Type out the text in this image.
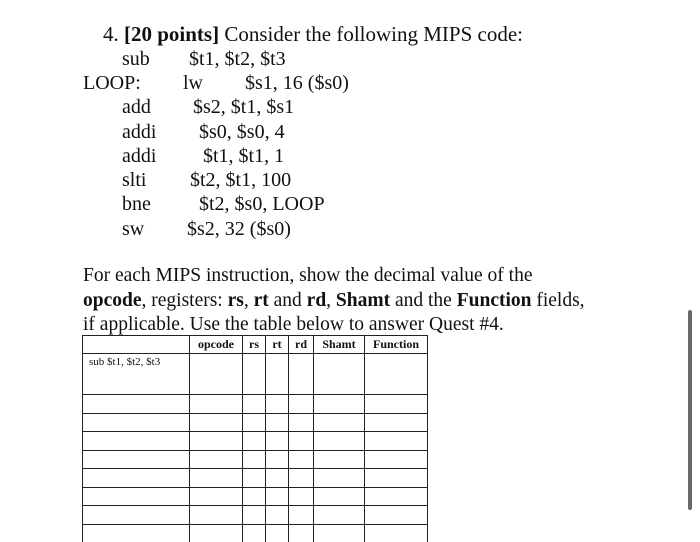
4. [20 points] Consider the following MIPS code:
sub $t1, $t2, $t3
LOOP: lw $s1, 16 ($s0)
add $s2, $t1, $s1
addi $s0, $s0, 4
addi $t1, $t1, 1
slti $t2, $t1, 100
bne $t2, $s0, LOOP
sw $s2, 32 ($s0)
For each MIPS instruction, show the decimal value of the
opcode, registers: rs, rt and rd, Shamt and the Function fields,
if applicable. Use the table below to answer Quest #4.
	opcode	rs	rt	rd	Shamt	Function
sub $t1, $t2, $t3						
